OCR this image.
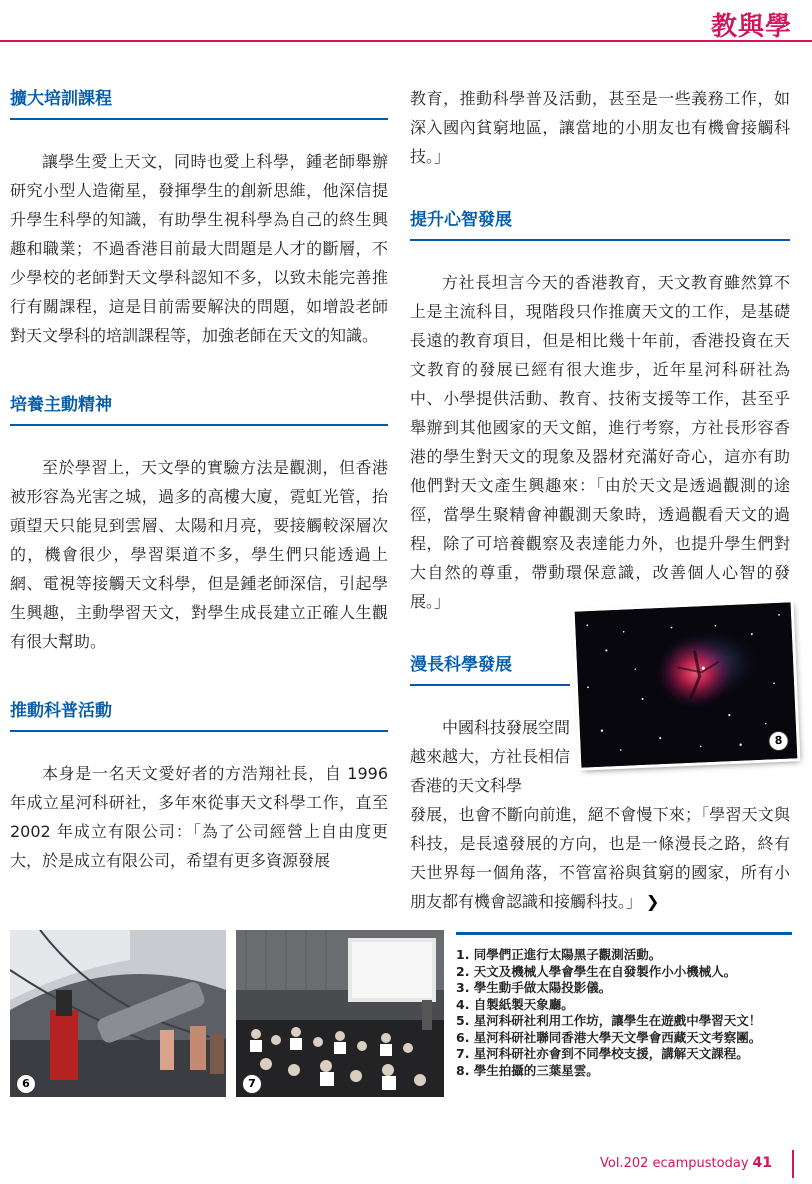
教與學
擴大培訓課程

讓學生愛上天文，同時也愛上科學，鍾老師舉辦研究小型人造衛星，發揮學生的創新思維，他深信提升學生科學的知識，有助學生視科學為自己的終生興趣和職業；不過香港目前最大問題是人才的斷層，不少學校的老師對天文學科認知不多，以致未能完善推行有關課程，這是目前需要解決的問題，如增設老師對天文學科的培訓課程等，加強老師在天文的知識。

培養主動精神

至於學習上，天文學的實驗方法是觀測，但香港被形容為光害之城，過多的高樓大廈，霓虹光管，抬頭望天只能見到雲層、太陽和月亮，要接觸較深層次的，機會很少，學習渠道不多，學生們只能透過上網、電視等接觸天文科學，但是鍾老師深信，引起學生興趣，主動學習天文，對學生成長建立正確人生觀有很大幫助。

推動科普活動

本身是一名天文愛好者的方浩翔社長，自 1996 年成立星河科研社，多年來從事天文科學工作，直至 2002 年成立有限公司：「為了公司經營上自由度更大，於是成立有限公司，希望有更多資源發展

教育，推動科學普及活動，甚至是一些義務工作，如深入國內貧窮地區，讓當地的小朋友也有機會接觸科技。」

提升心智發展

方社長坦言今天的香港教育，天文教育雖然算不上是主流科目，現階段只作推廣天文的工作，是基礎長遠的教育項目，但是相比幾十年前，香港投資在天文教育的發展已經有很大進步，近年星河科研社為中、小學提供活動、教育、技術支援等工作，甚至乎舉辦到其他國家的天文館，進行考察，方社長形容香港的學生對天文的現象及器材充滿好奇心，這亦有助他們對天文產生興趣來：「由於天文是透過觀測的途徑，當學生聚精會神觀測天象時，透過觀看天文的過程，除了可培養觀察及表達能力外，也提升學生們對大自然的尊重，帶動環保意識，改善個人心智的發展。」

漫長科學發展

中國科技發展空間越來越大，方社長相信香港的天文科學

發展，也會不斷向前進，絕不會慢下來；「學習天文與科技，是長遠發展的方向，也是一條漫長之路，終有天世界每一個角落，不管富裕與貧窮的國家，所有小朋友都有機會認識和接觸科技。」 ❯

8
6	7

1. 同學們正進行太陽黑子觀測活動。

2. 天文及機械人學會學生在自發製作小小機械人。

3. 學生動手做太陽投影儀。

4. 自製紙製天象廳。

5. 星河科研社利用工作坊，讓學生在遊戲中學習天文！

6. 星河科研社聯同香港大學天文學會西藏天文考察團。

7. 星河科研社亦會到不同學校支援，講解天文課程。

8. 學生拍攝的三葉星雲。

Vol.202 ecampustoday 41
